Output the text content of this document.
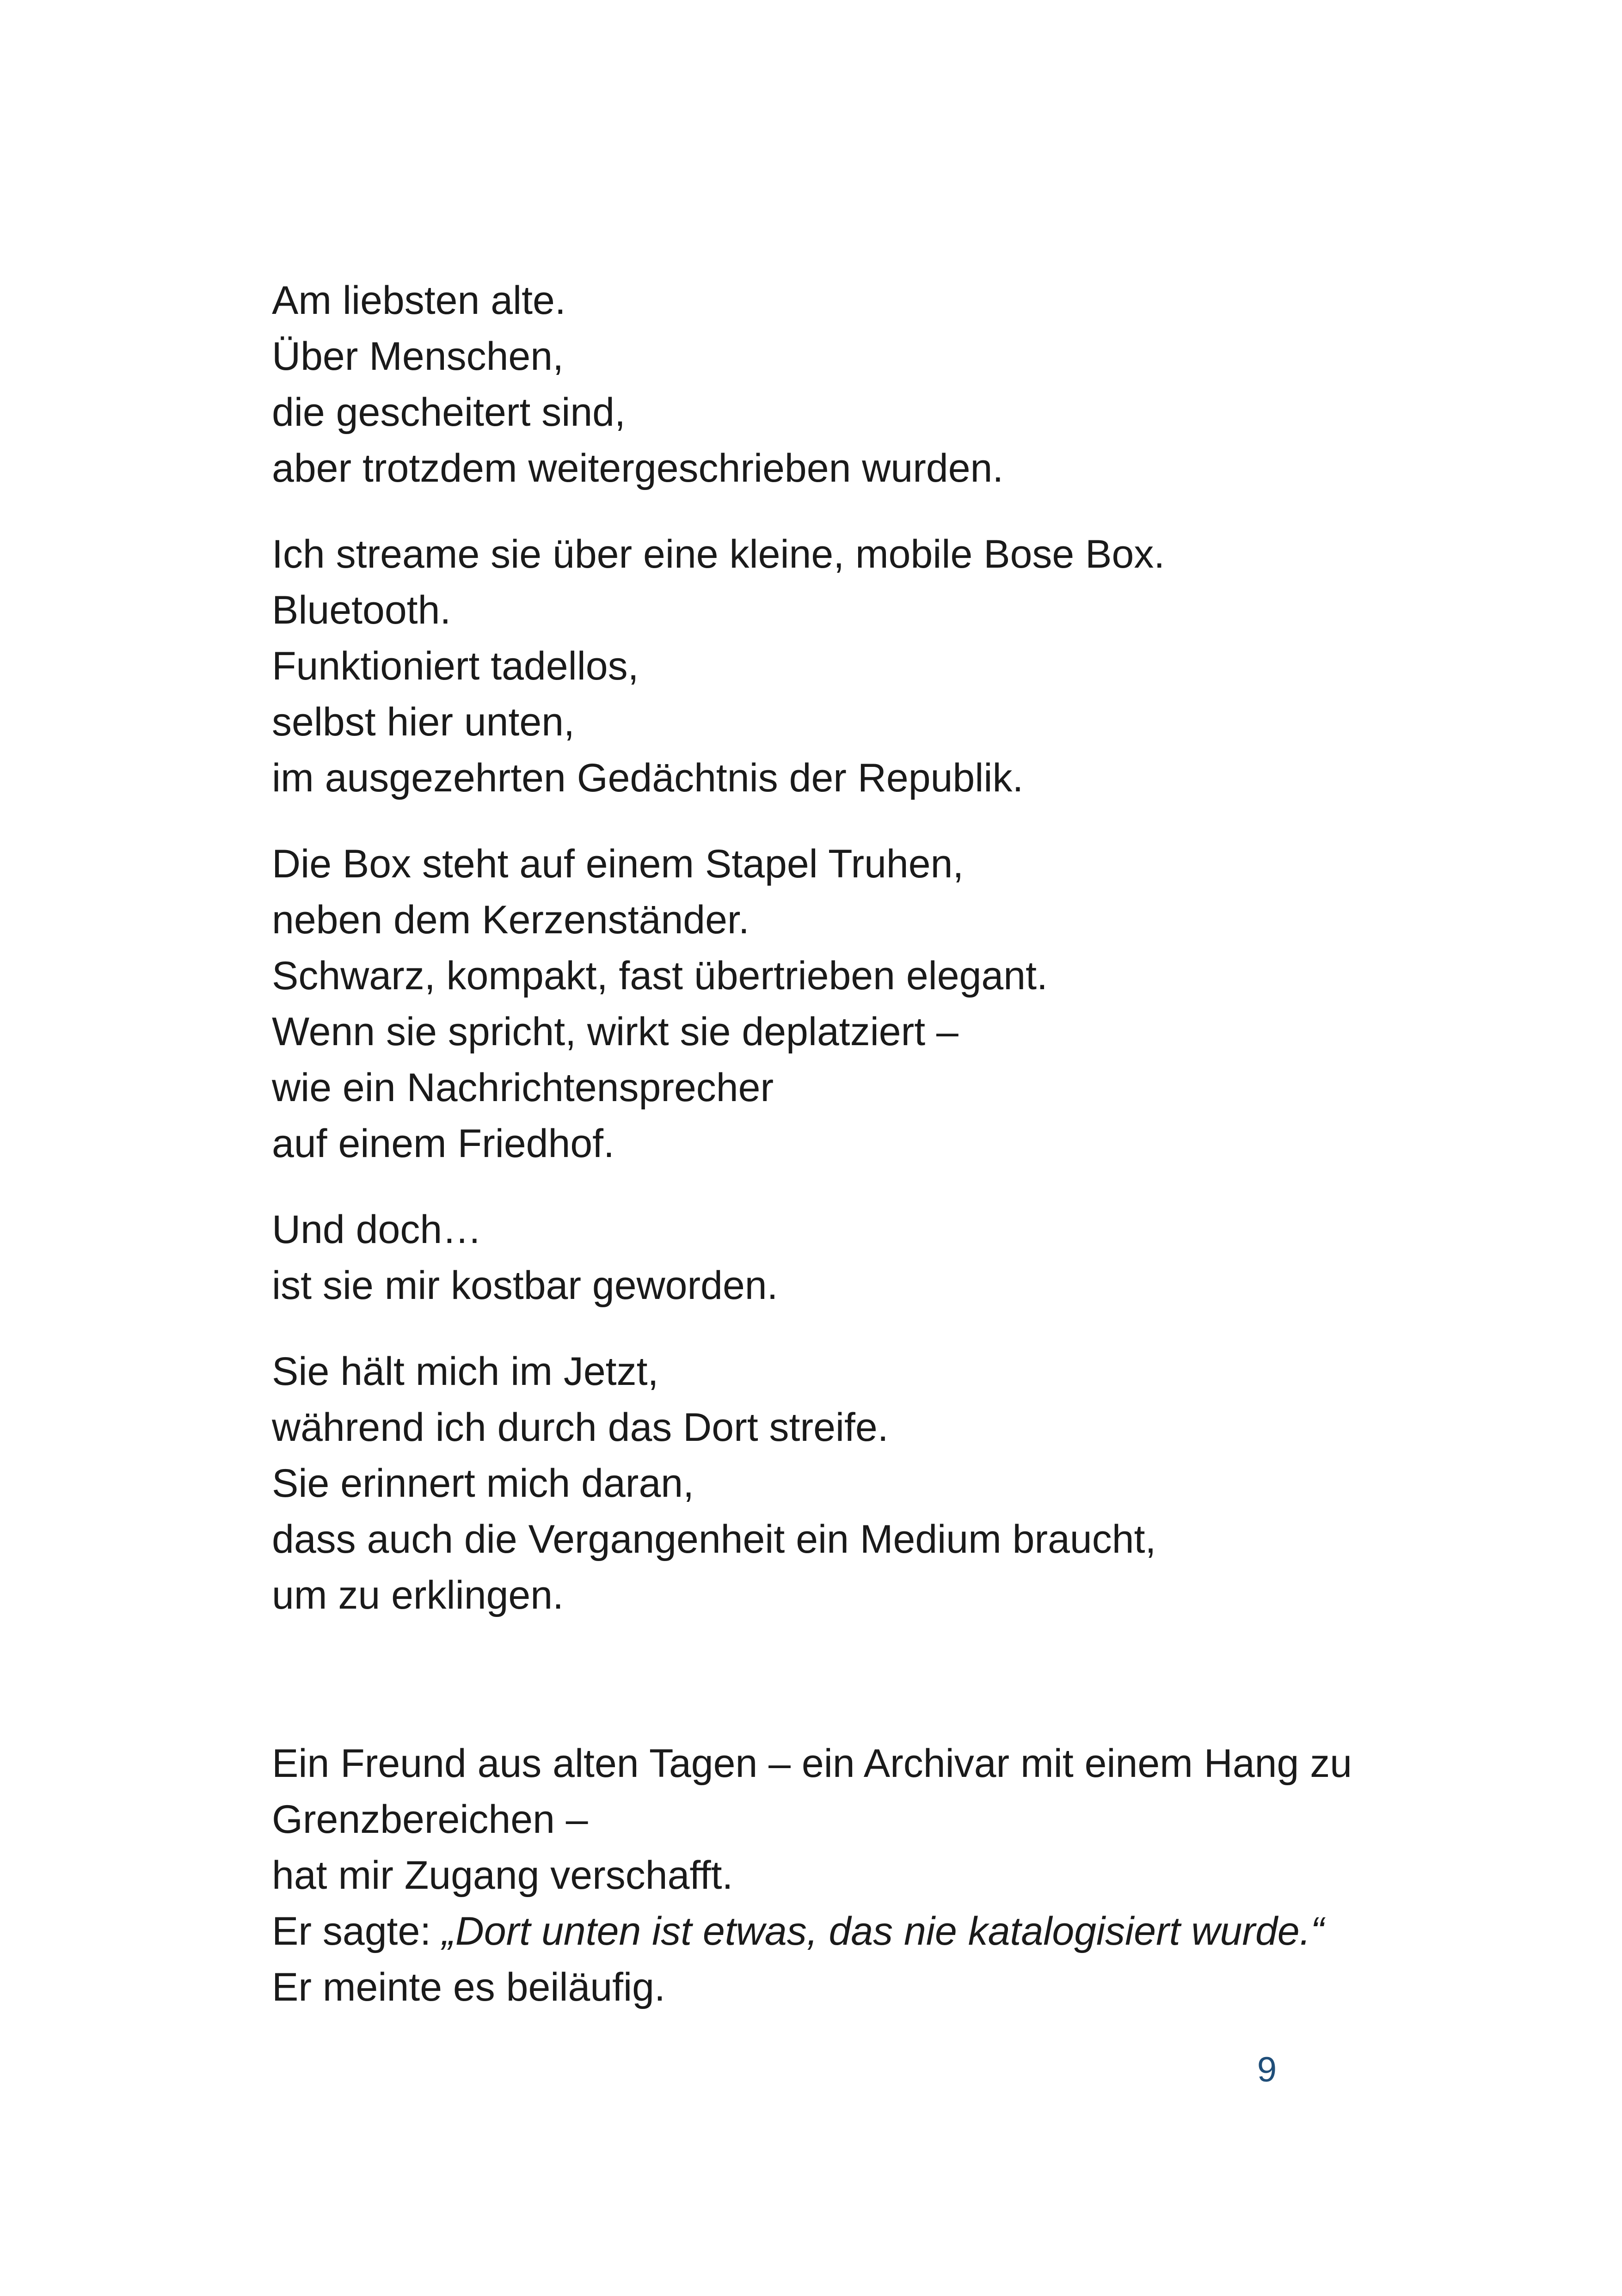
Am liebsten alte.
Über Menschen,
die gescheitert sind,
aber trotzdem weitergeschrieben wurden.
Ich streame sie über eine kleine, mobile Bose Box.
Bluetooth.
Funktioniert tadellos,
selbst hier unten,
im ausgezehrten Gedächtnis der Republik.
Die Box steht auf einem Stapel Truhen,
neben dem Kerzenständer.
Schwarz, kompakt, fast übertrieben elegant.
Wenn sie spricht, wirkt sie deplatziert –
wie ein Nachrichtensprecher
auf einem Friedhof.
Und doch…
ist sie mir kostbar geworden.
Sie hält mich im Jetzt,
während ich durch das Dort streife.
Sie erinnert mich daran,
dass auch die Vergangenheit ein Medium braucht,
um zu erklingen.
Ein Freund aus alten Tagen – ein Archivar mit einem Hang zu
Grenzbereichen –
hat mir Zugang verschafft.
Er sagte: „Dort unten ist etwas, das nie katalogisiert wurde.“
Er meinte es beiläufig.
9
